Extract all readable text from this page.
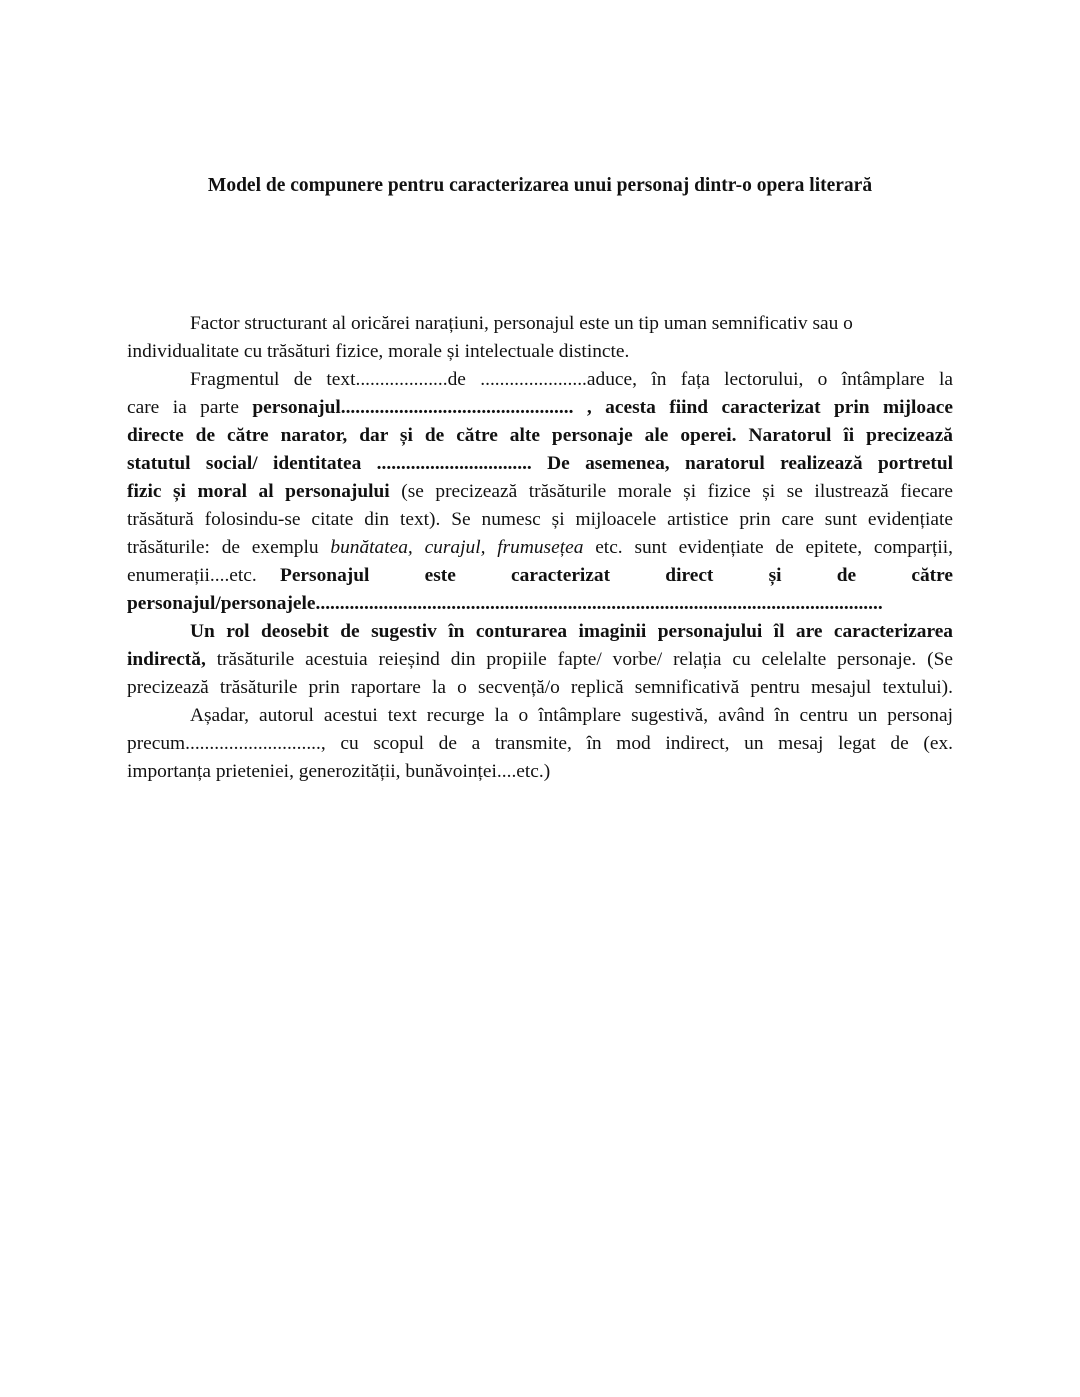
Model de compunere pentru caracterizarea unui personaj dintr-o opera literară
Factor structurant al oricărei narațiuni, personajul este un tip uman semnificativ sau o
individualitate cu trăsături fizice, morale și intelectuale distincte.
Fragmentul de text...................de ......................aduce, în fața lectorului, o întâmplare la
care ia parte personajul................................................ , acesta fiind caracterizat prin mijloace
directe de către narator, dar și de către alte personaje ale operei. Naratorul îi precizează
statutul social/ identitatea ................................ De asemenea, naratorul realizează portretul
fizic și moral al personajului (se precizează trăsăturile morale și fizice și se ilustrează fiecare
trăsătură folosindu-se citate din text). Se numesc și mijloacele artistice prin care sunt evidențiate
trăsăturile: de exemplu bunătatea, curajul, frumusețea etc. sunt evidențiate de epitete, comparții,
enumerații....etc. Personajul este caracterizat direct și de către
personajul/personajele.....................................................................................................................
Un rol deosebit de sugestiv în conturarea imaginii personajului îl are caracterizarea
indirectă, trăsăturile acestuia reieșind din propiile fapte/ vorbe/ relația cu celelalte personaje. (Se
precizează trăsăturile prin raportare la o secvență/o replică semnificativă pentru mesajul textului).
Așadar, autorul acestui text recurge la o întâmplare sugestivă, având în centru un personaj
precum............................, cu scopul de a transmite, în mod indirect, un mesaj legat de (ex.
importanța prieteniei, generozității, bunăvoinței....etc.)
